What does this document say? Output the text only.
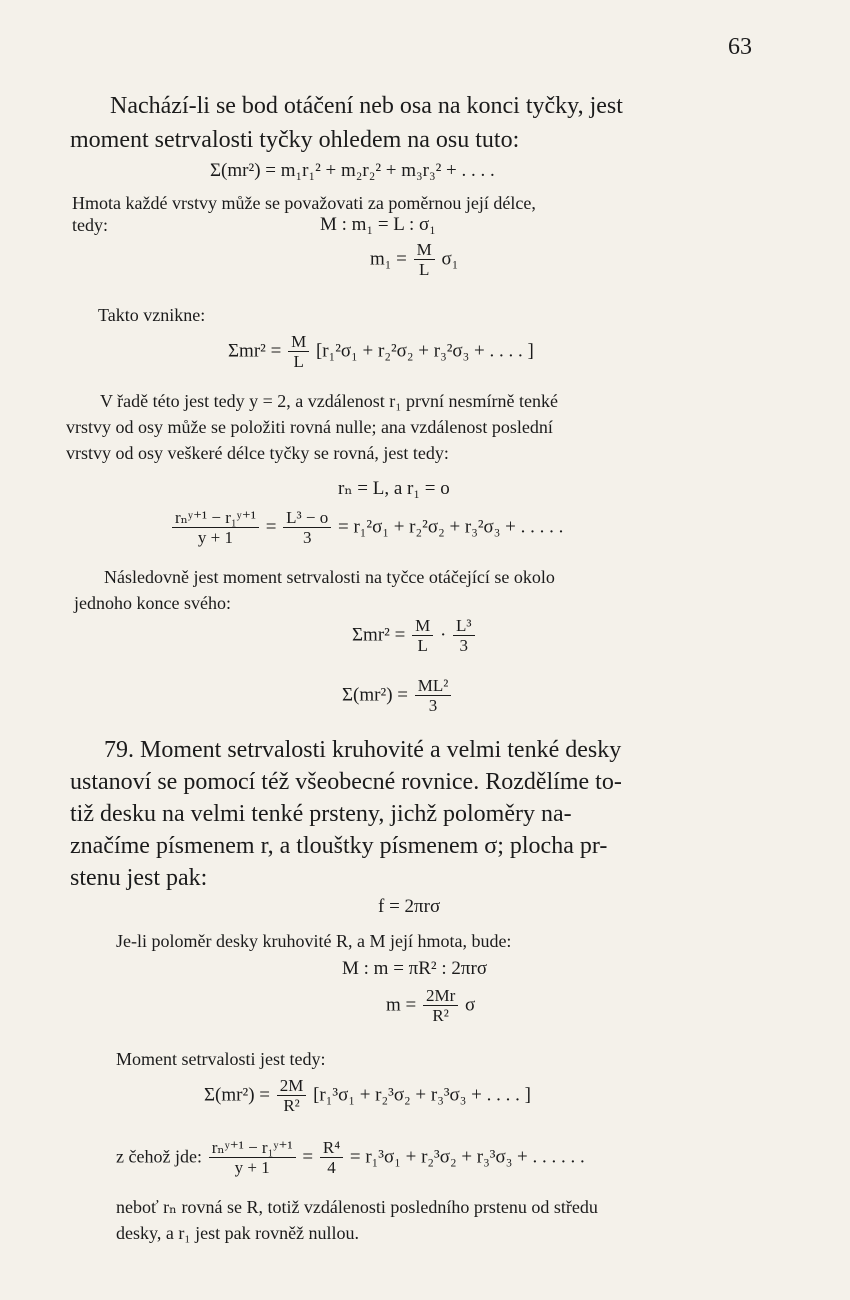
63
Nachází-li se bod otáčení neb osa na konci tyčky, jest
moment setrvalosti tyčky ohledem na osu tuto:
Σ(mr²) = m₁r₁² + m₂r₂² + m₃r₃² + . . . .
Hmota každé vrstvy může se považovati za poměrnou její délce,
tedy:	M : m₁ = L : σ₁
$m_1 = \frac{M}{L} \sigma_1$
Takto vznikne:
$\Sigma mr^2 = \frac{M}{L} [r_1^2\sigma_1 + r_2^2\sigma_2 + r_3^2\sigma_3$ + . . . . ]
V řadě této jest tedy y = 2, a vzdálenost r₁ první nesmírně tenké
vrstvy od osy může se položiti rovná nulle; ana vzdálenost poslední
vrstvy od osy veškeré délce tyčky se rovná, jest tedy:
rₙ = L, a r₁ = o
$\frac{\text{rₙʸ⁺¹ − r₁ʸ⁺¹}}{y + 1} = \frac{\text{L³ − o}}{3} = r_1^2\sigma_1 + r_2^2\sigma_2 + r_3^2\sigma_3$ + . . . . .
Následovně jest moment setrvalosti na tyčce otáčející se okolo
jednoho konce svého:
$\Sigma mr^2 = \frac{M}{L} \cdot \frac{\text{L³}}{3}$
$\Sigma(mr^2) = \frac{\text{ML²}}{3}$
79. Moment setrvalosti kruhovité a velmi tenké desky
ustanoví se pomocí též všeobecné rovnice. Rozdělíme to-
tiž desku na velmi tenké prsteny, jichž poloměry na-
značíme písmenem r, a tlouštky písmenem σ; plocha pr-
stenu jest pak:
f = 2πrσ
Je-li poloměr desky kruhovité R, a M její hmota, bude:
M : m = πR² : 2πrσ
$m = \frac{2Mr}{\text{R²}}$ σ
Moment setrvalosti jest tedy:
$\Sigma(mr^2) = \frac{2M}{\text{R²}} [r_1^3\sigma_1 + r_2^3\sigma_2 + r_3^3\sigma_3$ + . . . . ]
z čehož jde: $\frac{\text{rₙʸ⁺¹ − r₁ʸ⁺¹}}{y + 1} = \frac{\text{R⁴}}{4} = r_1^3\sigma_1 + r_2^3\sigma_2 + r_3^3\sigma_3$ + . . . . . .
neboť rₙ rovná se R, totiž vzdálenosti posledního prstenu od středu
desky, a r₁ jest pak rovněž nullou.
